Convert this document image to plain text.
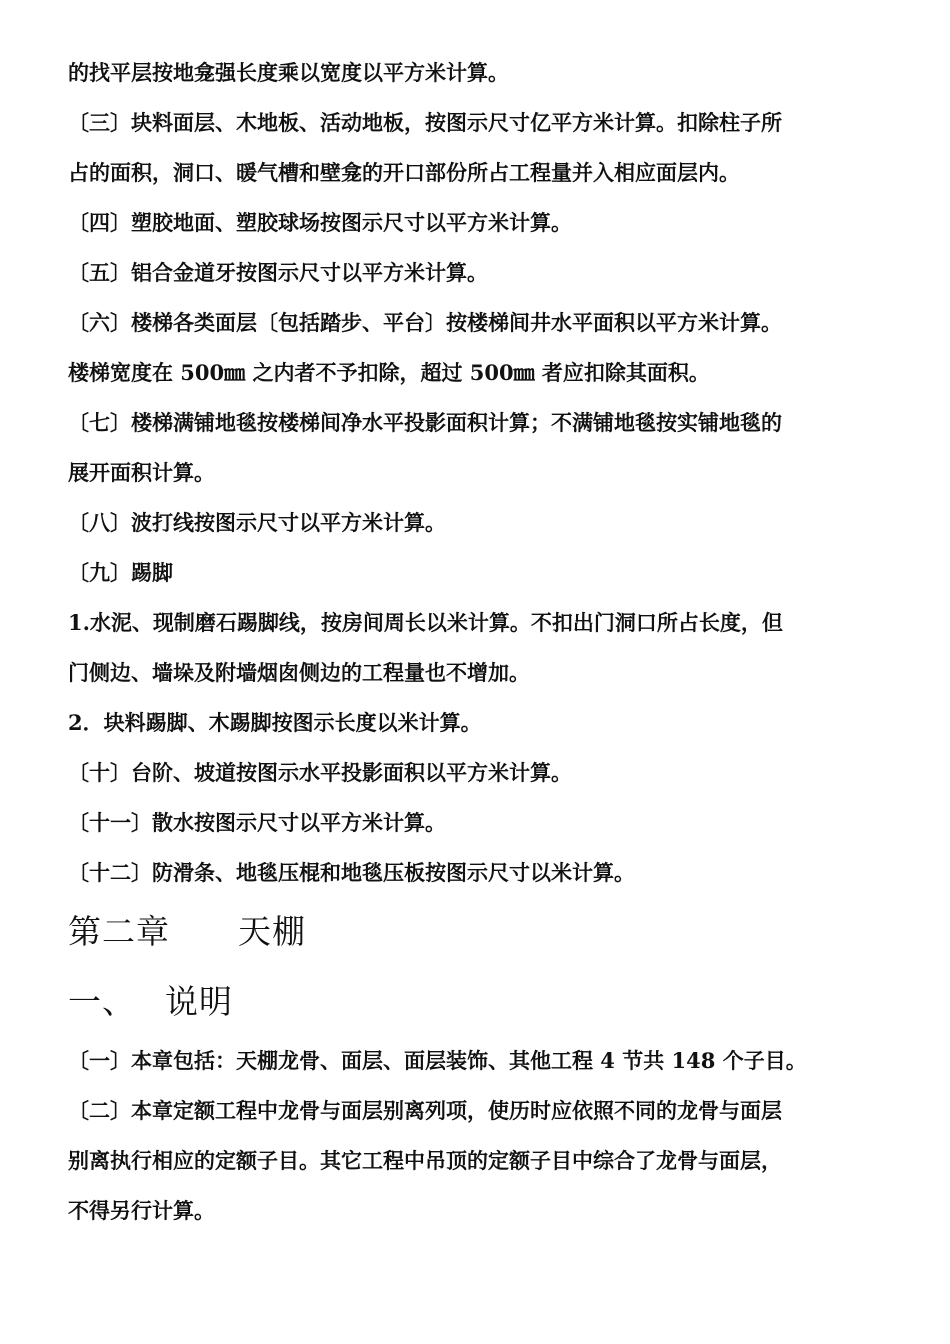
的找平层按地龛强长度乘以宽度以平方米计算。
〔三〕块料面层、木地板、活动地板，按图示尺寸亿平方米计算。扣除柱子所
占的面积，洞口、暖气槽和壁龛的开口部份所占工程量并入相应面层内。
〔四〕塑胶地面、塑胶球场按图示尺寸以平方米计算。
〔五〕铝合金道牙按图示尺寸以平方米计算。
〔六〕楼梯各类面层〔包括踏步、平台〕按楼梯间井水平面积以平方米计算。
楼梯宽度在 500㎜ 之内者不予扣除，超过 500㎜ 者应扣除其面积。
〔七〕楼梯满铺地毯按楼梯间净水平投影面积计算；不满铺地毯按实铺地毯的
展开面积计算。
〔八〕波打线按图示尺寸以平方米计算。
〔九〕踢脚
1.水泥、现制磨石踢脚线，按房间周长以米计算。不扣出门洞口所占长度，但
门侧边、墙垛及附墙烟囱侧边的工程量也不增加。
2．块料踢脚、木踢脚按图示长度以米计算。
〔十〕台阶、坡道按图示水平投影面积以平方米计算。
〔十一〕散水按图示尺寸以平方米计算。
〔十二〕防滑条、地毯压棍和地毯压板按图示尺寸以米计算。
第二章　　天棚
一、　 说明
〔一〕本章包括：天棚龙骨、面层、面层装饰、其他工程 4 节共 148 个子目。
〔二〕本章定额工程中龙骨与面层别离列项，使历时应依照不同的龙骨与面层
别离执行相应的定额子目。其它工程中吊顶的定额子目中综合了龙骨与面层，
不得另行计算。
